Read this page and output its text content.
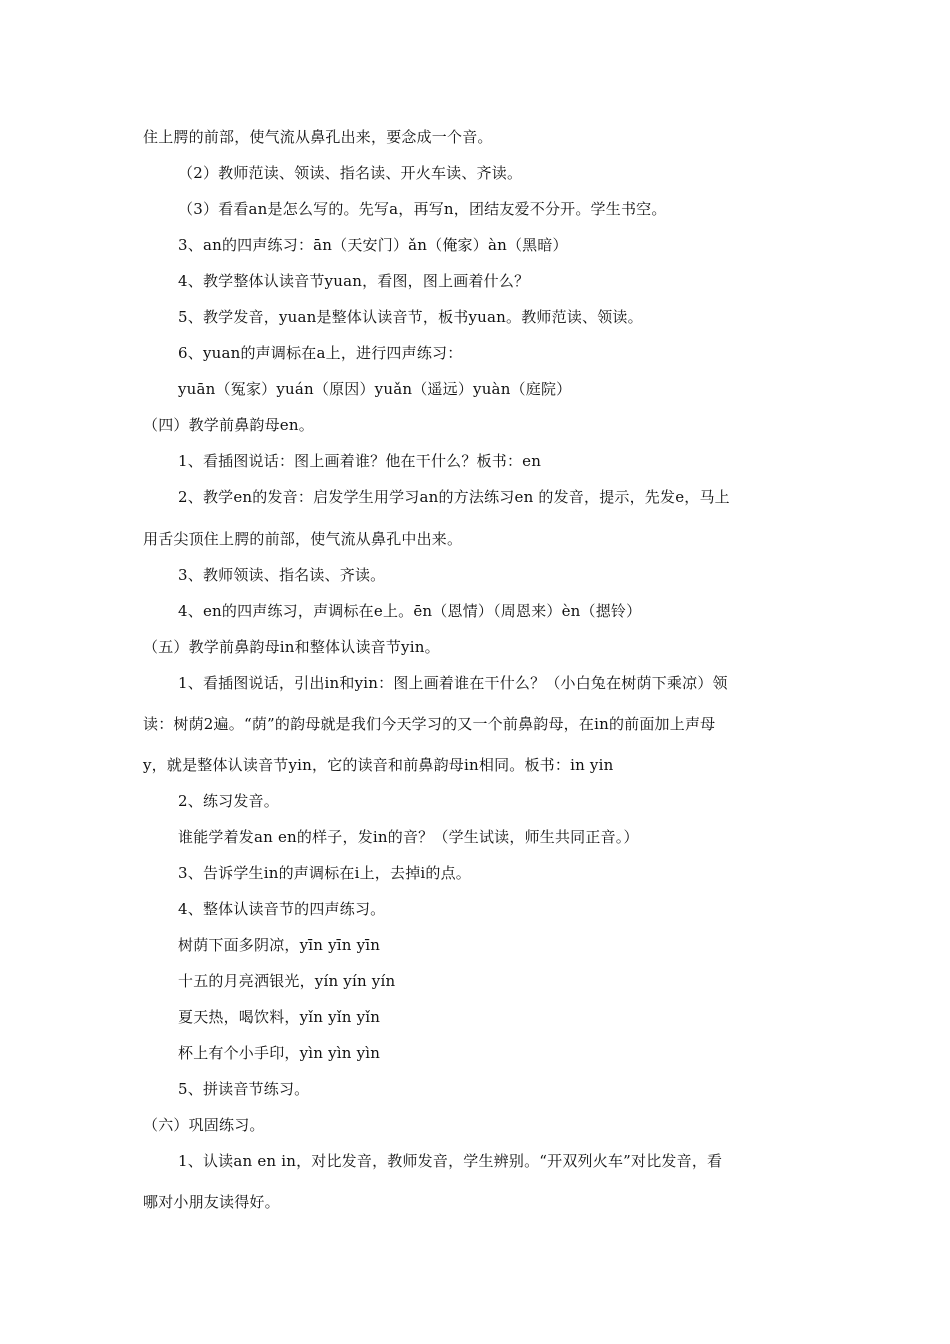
住上腭的前部，使气流从鼻孔出来，要念成一个音。
（2）教师范读、领读、指名读、开火车读、齐读。
（3）看看an是怎么写的。先写a，再写n，团结友爱不分开。学生书空。
3、an的四声练习：ān（天安门）ǎn（俺家）àn（黑暗）
4、教学整体认读音节yuan，看图，图上画着什么？
5、教学发音，yuan是整体认读音节，板书yuan。教师范读、领读。
6、yuan的声调标在a上，进行四声练习：
yuān（冤家）yuán（原因）yuǎn（遥远）yuàn（庭院）
（四）教学前鼻韵母en。
1、看插图说话：图上画着谁？他在干什么？板书：en
2、教学en的发音：启发学生用学习an的方法练习en 的发音，提示，先发e，马上
用舌尖顶住上腭的前部，使气流从鼻孔中出来。
3、教师领读、指名读、齐读。
4、en的四声练习，声调标在e上。ēn（恩情）（周恩来）èn（摁铃）
（五）教学前鼻韵母in和整体认读音节yin。
1、看插图说话，引出in和yin：图上画着谁在干什么？（小白兔在树荫下乘凉）领
读：树荫2遍。“荫”的韵母就是我们今天学习的又一个前鼻韵母，在in的前面加上声母
y，就是整体认读音节yin，它的读音和前鼻韵母in相同。板书：in yin
2、练习发音。
谁能学着发an en的样子，发in的音？（学生试读，师生共同正音。）
3、告诉学生in的声调标在i上，去掉i的点。
4、整体认读音节的四声练习。
树荫下面多阴凉，yīn yīn yīn
十五的月亮洒银光，yín yín yín
夏天热，喝饮料，yǐn yǐn yǐn
杯上有个小手印，yìn yìn yìn
5、拼读音节练习。
（六）巩固练习。
1、认读an en in，对比发音，教师发音，学生辨别。“开双列火车”对比发音，看
哪对小朋友读得好。
